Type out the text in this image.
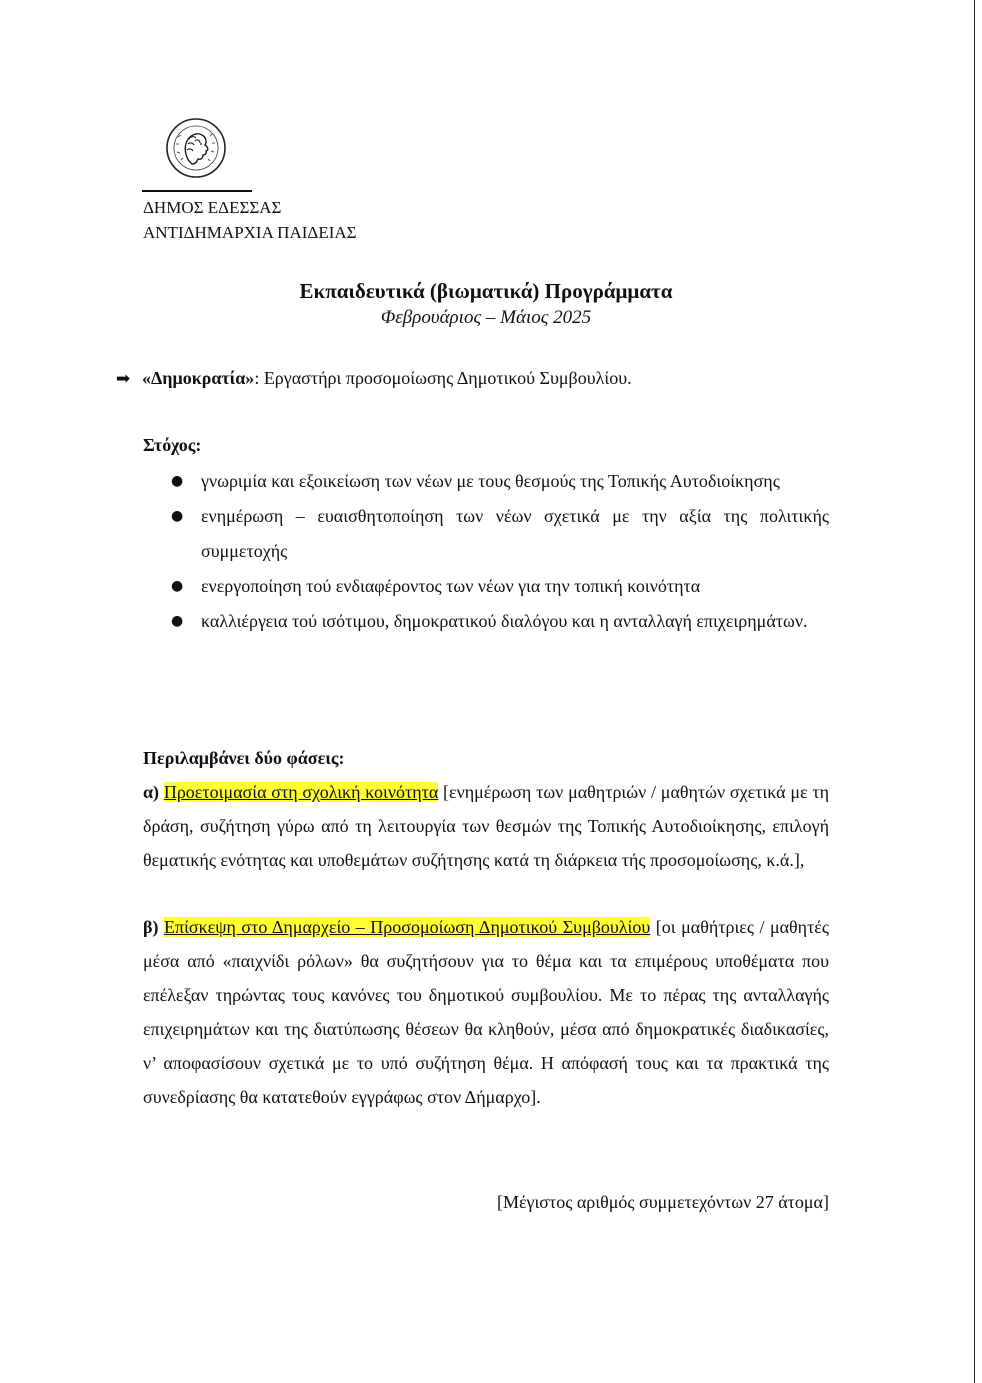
ΔΗΜΟΣ ΕΔΕΣΣΑΣ
ΑΝΤΙΔΗΜΑΡΧΙΑ ΠΑΙΔΕΙΑΣ
Εκπαιδευτικά (βιωματικά) Προγράμματα
Φεβρουάριος – Μάιος 2025
➡ «Δημοκρατία»: Εργαστήρι προσομοίωσης Δημοτικού Συμβουλίου.
Στόχος:
● γνωριμία και εξοικείωση των νέων με τους θεσμούς της Τοπικής Αυτοδιοίκησης
● ενημέρωση – ευαισθητοποίηση των νέων σχετικά με την αξία της πολιτικής συμμετοχής
● ενεργοποίηση τού ενδιαφέροντος των νέων για την τοπική κοινότητα
● καλλιέργεια τού ισότιμου, δημοκρατικού διαλόγου και η ανταλλαγή επιχειρημάτων.
Περιλαμβάνει δύο φάσεις:

α) Προετοιμασία στη σχολική κοινότητα [ενημέρωση των μαθητριών / μαθητών σχετικά με τη δράση, συζήτηση γύρω από τη λειτουργία των θεσμών της Τοπικής Αυτοδιοίκησης, επιλογή θεματικής ενότητας και υποθεμάτων συζήτησης κατά τη διάρκεια τής προσομοίωσης, κ.ά.],

β) Επίσκεψη στο Δημαρχείο – Προσομοίωση Δημοτικού Συμβουλίου [οι μαθήτριες / μαθητές μέσα από «παιχνίδι ρόλων» θα συζητήσουν για το θέμα και τα επιμέρους υποθέματα που επέλεξαν τηρώντας τους κανόνες του δημοτικού συμβουλίου. Με το πέρας της ανταλλαγής επιχειρημάτων και της διατύπωσης θέσεων θα κληθούν, μέσα από δημοκρατικές διαδικασίες, ν’ αποφασίσουν σχετικά με το υπό συζήτηση θέμα. Η απόφασή τους και τα πρακτικά της συνεδρίασης θα κατατεθούν εγγράφως στον Δήμαρχο].

[Μέγιστος αριθμός συμμετεχόντων 27 άτομα]
